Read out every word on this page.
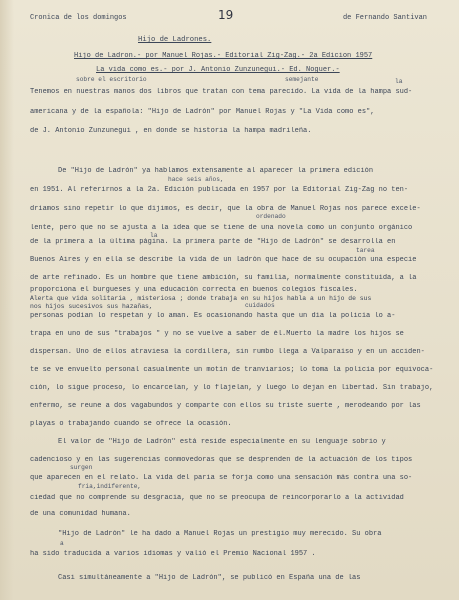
Cronica de los domingos	19	de Fernando Santivan
Hijo de Ladrones.
Hijo de Ladron.- por Manuel Rojas.- Editorial Zig-Zag.- 2a Edicion 1957
La vida como es.- por J. Antonio Zunzunegui.- Ed. Noguer.-
sobre el escritorio	semejante	la
Tenemos en nuestras manos dos libros que tratan con tema parecido. La vida de la hampa sud-
americana y de la española: "Hijo de Ladrón" por Manuel Rojas y "La Vida como es",
de J. Antonio Zunzunegui , en donde se historia la hampa madrileña.
De "Hijo de Ladrón" ya hablamos extensamente al aparecer la primera edición
hace seis años,
en 1951. Al referirnos a la 2a. Edición publicada en 1957 por la Editorial Zig-Zag no ten-
dríamos sino repetir lo que dijimos, es decir, que la obra de Manuel Rojas nos parece excele-
ordenado
lente, pero que no se ajusta a la idea que se tiene de una novela como un conjunto orgánico
de la primera a la última página. La primera parte de "Hijo de Ladrón" se desarrolla en
tarea
Buenos Aires y en ella se describe la vida de un ladrón que hace de su ocupación una especie
de arte refinado. Es un hombre que tiene ambición, su familia, normalmente constituída, a la
proporciona el burgueses y una educación correcta en buenos colegios fiscales.
Alerta que vida solitaria , misteriosa ; donde trabaja en su hijos habla a un hijo de sus
nos hijos sucesivos sus hazañas,
personas podían lo respetan y lo aman. Es ocasionando hasta que un día la policía lo a-
trapa en uno de sus "trabajos " y no se vuelve a saber de él.Muerto la madre los hijos se
dispersan. Uno de ellos atraviesa la cordillera, sin rumbo llega a Valparaíso y en un acciden-
te se ve envuelto personal casualmente un motín de tranviarios; lo toma la policía por equivoca-
ción, lo sigue proceso, lo encarcelan, y lo flajelan, y luego lo dejan en libertad. Sin trabajo,
enfermo, se reune a dos vagabundos y comparte con ellos su triste suerte , merodeando por las
playas o trabajando cuando se ofrece la ocasión.
El valor de "Hijo de Ladrón" está reside especialmente en su lenguaje sobrio y
cadencioso y en las sugerencias conmovedoras que se desprenden de la actuación de los tipos
surgen
que aparecen en el relato. La vida del paria se forja como una sensación más contra una so-
fria,indiferente,
ciedad que no comprende su desgracia, que no se preocupa de reincorporarlo a la actividad
de una comunidad humana.
"Hijo de Ladrón" le ha dado a Manuel Rojas un prestigio muy merecido. Su obra
a
ha sido traducida a varios idiomas y valió el Premio Nacional 1957 .
Casi simultáneamente a "Hijo de Ladrón", se publicó en España una de las
la
cuidados
